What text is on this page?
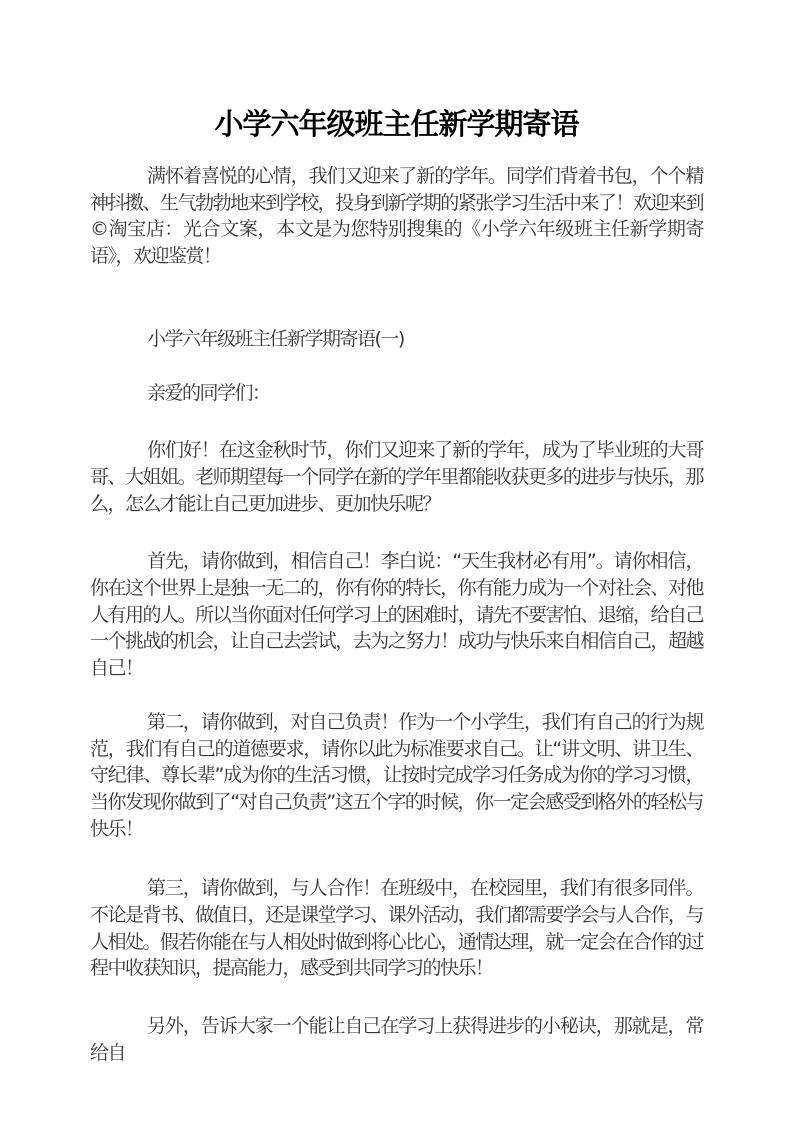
小学六年级班主任新学期寄语

满怀着喜悦的心情，我们又迎来了新的学年。同学们背着书包，个个精神抖擞、生气勃勃地来到学校，投身到新学期的紧张学习生活中来了！欢迎来到©淘宝店：光合文案，本文是为您特别搜集的《小学六年级班主任新学期寄语》，欢迎鉴赏！

小学六年级班主任新学期寄语(一)

亲爱的同学们：

你们好！在这金秋时节，你们又迎来了新的学年，成为了毕业班的大哥哥、大姐姐。老师期望每一个同学在新的学年里都能收获更多的进步与快乐，那么，怎么才能让自己更加进步、更加快乐呢？

首先，请你做到，相信自己！李白说：“天生我材必有用”。请你相信，你在这个世界上是独一无二的，你有你的特长，你有能力成为一个对社会、对他人有用的人。所以当你面对任何学习上的困难时，请先不要害怕、退缩，给自己一个挑战的机会，让自己去尝试，去为之努力！成功与快乐来自相信自己，超越自己！

第二，请你做到，对自己负责！作为一个小学生，我们有自己的行为规范，我们有自己的道德要求，请你以此为标准要求自己。让“讲文明、讲卫生、守纪律、尊长辈”成为你的生活习惯，让按时完成学习任务成为你的学习习惯，当你发现你做到了“对自己负责”这五个字的时候，你一定会感受到格外的轻松与快乐！

第三，请你做到，与人合作！在班级中，在校园里，我们有很多同伴。不论是背书、做值日，还是课堂学习、课外活动，我们都需要学会与人合作，与人相处。假若你能在与人相处时做到将心比心，通情达理，就一定会在合作的过程中收获知识，提高能力，感受到共同学习的快乐！

另外，告诉大家一个能让自己在学习上获得进步的小秘诀，那就是，常给自
